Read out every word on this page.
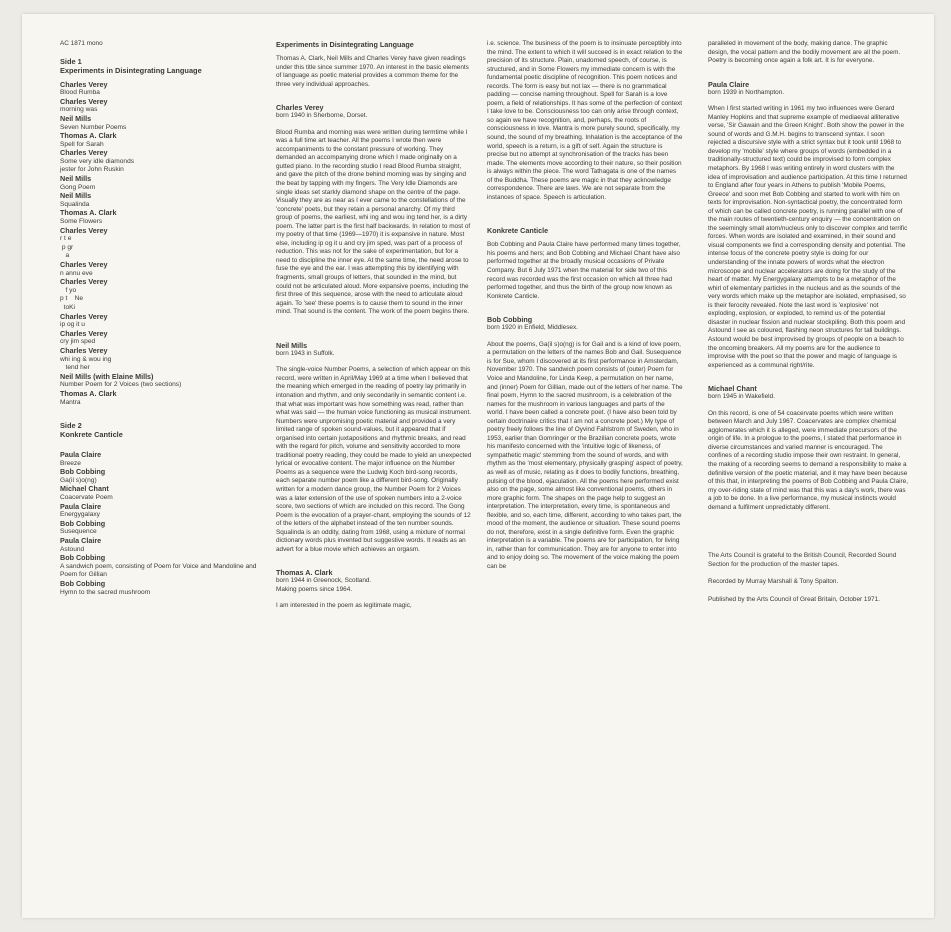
AC 1871 mono
Side 1
Experiments in Disintegrating Language
Charles Verey
Blood Rumba
Charles Verey
morning was
Neil Mills
Seven Number Poems
Thomas A. Clark
Spell for Sarah
Charles Verey
Some very idle diamonds
jester for John Ruskin
Neil Mills
Gong Poem
Neil Mills
Squalinda
Thomas A. Clark
Some Flowers
Charles Verey
r t e
p gr
a
Charles Verey
n annu eve
Charles Verey
f yo
p t    Ne
toKi
Charles Verey
ip og it u
Charles Verey
cry jim sped
Charles Verey
whi ing & wou ing
tend her
Neil Mills (with Elaine Mills)
Number Poem for 2 Voices (two sections)
Thomas A. Clark
Mantra
Side 2
Konkrete Canticle
Paula Claire
Breeze
Bob Cobbing
Ga(il s)o(ng)
Michael Chant
Coacervate Poem
Paula Claire
Energygalaxy
Bob Cobbing
Susequence
Paula Claire
Astound
Bob Cobbing
A sandwich poem, consisting of Poem for Voice and Mandoline and Poem for Gillian
Bob Cobbing
Hymn to the sacred mushroom
Experiments in Disintegrating Language

Thomas A. Clark, Neil Mills and Charles Verey have given readings under this title since summer 1970. An interest in the basic elements of language as poetic material provides a common theme for the three very individual approaches.

Charles Verey

born 1940 in Sherborne, Dorset.

Blood Rumba and morning was were written during termtime while I was a full time art teacher. All the poems I wrote then were accompaniments to the constant pressure of working. They demanded an accompanying drone which I made originally on a gutted piano. In the recording studio I read Blood Rumba straight, and gave the pitch of the drone behind morning was by singing and the beat by tapping with my fingers. The Very Idle Diamonds are single ideas set starkly diamond shape on the centre of the page. Visually they are as near as I ever came to the constellations of the 'concrete' poets, but they retain a personal anarchy. Of my third group of poems, the earliest, whi ing and wou ing tend her, is a dirty poem. The latter part is the first half backwards. In relation to most of my poetry of that time (1969—1970) it is expansive in nature. Most else, including ip og it u and cry jim sped, was part of a process of reduction. This was not for the sake of experimentation, but for a need to discipline the inner eye. At the same time, the need arose to fuse the eye and the ear. I was attempting this by identifying with fragments, small groups of letters, that sounded in the mind, but could not be articulated aloud. More expansive poems, including the first three of this sequence, arose with the need to articulate aloud again. To 'see' these poems is to cause them to sound in the inner mind. That sound is the content. The work of the poem begins there.

Neil Mills

born 1943 in Suffolk.

The single-voice Number Poems, a selection of which appear on this record, were written in April/May 1969 at a time when I believed that the meaning which emerged in the reading of poetry lay primarily in intonation and rhythm, and only secondarily in semantic content i.e. that what was important was how something was read, rather than what was said — the human voice functioning as musical instrument. Numbers were unpromising poetic material and provided a very limited range of spoken sound-values, but it appeared that if organised into certain juxtapositions and rhythmic breaks, and read with the regard for pitch, volume and sensitivity accorded to more traditional poetry reading, they could be made to yield an unexpected lyrical or evocative content. The major influence on the Number Poems as a sequence were the Ludwig Koch bird-song records, each separate number poem like a different bird-song. Originally written for a modern dance group, the Number Poem for 2 Voices was a later extension of the use of spoken numbers into a 2-voice score, two sections of which are included on this record. The Gong Poem is the evocation of a prayer-chant, employing the sounds of 12 of the letters of the alphabet instead of the ten number sounds. Squalinda is an oddity, dating from 1968, using a mixture of normal dictionary words plus invented but suggestive words. It reads as an advert for a blue movie which achieves an orgasm.

Thomas A. Clark

born 1944 in Greenock, Scotland.
Making poems since 1964.

I am interested in the poem as legitimate magic,

i.e. science. The business of the poem is to insinuate perceptibly into the mind. The extent to which it will succeed is in exact relation to the precision of its structure. Plain, unadorned speech, of course, is structured, and in Some Flowers my immediate concern is with the fundamental poetic discipline of recognition. This poem notices and records. The form is easy but not lax — there is no grammatical padding — concise naming throughout. Spell for Sarah is a love poem, a field of relationships. It has some of the perfection of context I take love to be. Consciousness too can only arise through context, so again we have recognition, and, perhaps, the roots of consciousness in love. Mantra is more purely sound, specifically, my sound, the sound of my breathing. Inhalation is the acceptance of the world, speech is a return, is a gift of self. Again the structure is precise but no attempt at synchronisation of the tracks has been made. The elements move according to their nature, so their position is always within the piece. The word Tathagata is one of the names of the Buddha. These poems are magic in that they acknowledge correspondence. There are laws. We are not separate from the instances of space. Speech is articulation.

Konkrete Canticle

Bob Cobbing and Paula Claire have performed many times together, his poems and hers; and Bob Cobbing and Michael Chant have also performed together at the broadly musical occasions of Private Company. But 6 July 1971 when the material for side two of this record was recorded was the first occasion on which all three had performed together, and thus the birth of the group now known as Konkrete Canticle.

Bob Cobbing

born 1920 in Enfield, Middlesex.

About the poems, Ga(il s)o(ng) is for Gail and is a kind of love poem, a permutation on the letters of the names Bob and Gail. Susequence is for Sue, whom I discovered at its first performance in Amsterdam, November 1970. The sandwich poem consists of (outer) Poem for Voice and Mandoline, for Linda Keep, a permutation on her name, and (inner) Poem for Gillian, made out of the letters of her name. The final poem, Hymn to the sacred mushroom, is a celebration of the names for the mushroom in various languages and parts of the world. I have been called a concrete poet. (I have also been told by certain doctrinaire critics that I am not a concrete poet.) My type of poetry freely follows the line of Oyvind Fahlstrom of Sweden, who in 1953, earlier than Gomringer or the Brazilian concrete poets, wrote his manifesto concerned with the 'intuitive logic of likeness, of sympathetic magic' stemming from the sound of words, and with rhythm as the 'most elementary, physically grasping' aspect of poetry, as well as of music, relating as it does to bodily functions, breathing, pulsing of the blood, ejaculation. All the poems here performed exist also on the page, some almost like conventional poems, others in more graphic form. The shapes on the page help to suggest an interpretation. The interpretation, every time, is spontaneous and flexible, and so, each time, different, according to who takes part, the mood of the moment, the audience or situation. These sound poems do not, therefore, exist in a single definitive form. Even the graphic interpretation is a variable. The poems are for participation, for living in, rather than for communication. They are for anyone to enter into and to enjoy doing so. The movement of the voice making the poem can be

paralleled in movement of the body, making dance. The graphic design, the vocal pattern and the bodily movement are all the poem. Poetry is becoming once again a folk art. It is for everyone.

Paula Claire

born 1939 in Northampton.

When I first started writing in 1961 my two influences were Gerard Manley Hopkins and that supreme example of mediaeval alliterative verse, 'Sir Gawain and the Green Knight'. Both show the power in the sound of words and G.M.H. begins to transcend syntax. I soon rejected a discursive style with a strict syntax but it took until 1968 to develop my 'mobile' style where groups of words (embedded in a traditionally-structured text) could be improvised to form complex metaphors. By 1968 I was writing entirely in word clusters with the idea of improvisation and audience participation. At this time I returned to England after four years in Athens to publish 'Mobile Poems, Greece' and soon met Bob Cobbing and started to work with him on texts for improvisation. Non-syntactical poetry, the concentrated form of which can be called concrete poetry, is running parallel with one of the main routes of twentieth-century enquiry — the concentration on the seemingly small atom/nucleus only to discover complex and terrific forces. When words are isolated and examined, in their sound and visual components we find a corresponding density and potential. The intense focus of the concrete poetry style is doing for our understanding of the innate powers of words what the electron microscope and nuclear accelerators are doing for the study of the heart of matter. My Energygalaxy attempts to be a metaphor of the whirl of elementary particles in the nucleus and as the sounds of the very words which make up the metaphor are isolated, emphasised, so is their ferocity revealed. Note the last word is 'explosive' not exploding, explosion, or exploded, to remind us of the potential disaster in nuclear fission and nuclear stockpiling. Both this poem and Astound I see as coloured, flashing neon structures for tall buildings. Astound would be best improvised by groups of people on a beach to the oncoming breakers. All my poems are for the audience to improvise with the poet so that the power and magic of language is experienced as a communal right/rite.

Michael Chant

born 1945 in Wakefield.

On this record, is one of 54 coacervate poems which were written between March and July 1967. Coacervates are complex chemical agglomerates which it is alleged, were immediate precursors of the origin of life. In a prologue to the poems, I stated that performance in diverse circumstances and varied manner is encouraged. The confines of a recording studio impose their own restraint. In general, the making of a recording seems to demand a responsibility to make a definitive version of the poetic material, and it may have been because of this that, in interpreting the poems of Bob Cobbing and Paula Claire, my over-riding state of mind was that this was a day's work, there was a job to be done. In a live performance, my musical instincts would demand a fulfilment unpredictably different.

The Arts Council is grateful to the British Council, Recorded Sound Section for the production of the master tapes.

Recorded by Murray Marshall & Tony Spalton.

Published by the Arts Council of Great Britain, October 1971.
